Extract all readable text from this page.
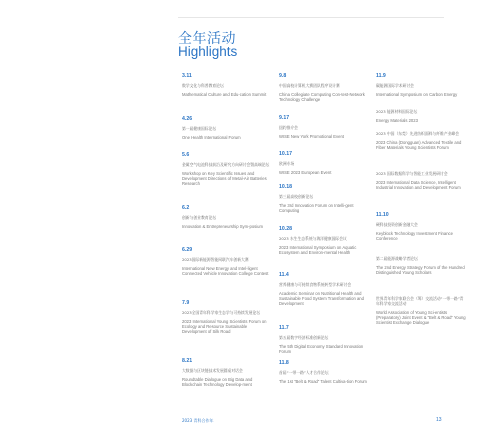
全年活动
Highlights
3.11
数学文化与科普教育论坛
Mathematical Culture and Edu-cation Summit
4.26
第一届健康国际论坛
One Health International Forum
5.6
金属空气电池科技前沿及研究方向研讨会暨高端论坛
Workshop on Key Scientific Issues and Development Directions of Metal-Air Batteries Research
6.2
创新与创业教育论坛
Innovation & Entrepreneurship Sym-posium
6.29
2023国际新能源智能网联汽车创新大赛
International New Energy and Intel-ligent Connected Vehicle Innovation College Contest
7.9
2023全国青年科学家生态学与可持续发展论坛
2023 International Young Scientists Forum on Ecology and Resource Sustainable Development of Silk Road
8.21
大数据与区块链技术发展圆桌对话会
Roundtable Dialogue on Big Data and Blockchain Technology Develop-ment
9.8
中国高校计算机大赛团队程序设计赛
China Collegiate Computing Con-test-Network Technology Challenge
9.17
纽约推介会
WISE New York Promotional Event
10.17
欧洲专场
WISE 2023 European Event
10.18
第三届高校创新论坛
The 3rd Innovation Forum on Intelli-gent Computing
10.28
2023 水生生态系统与海洋健康国际会议
2023 International Symposium on Aquatic Ecosystem and Environ-mental Health
11.4
营养健康与可持续食物系统转型学术研讨会
Academic Seminar on Nutritional Health and Sustainable Food System Transformation and Development
11.7
第五届数字经济标准创新论坛
The 5th Digital Economy Standard Innovation Forum
11.8
首届“一带一路”人才合作论坛
The 1st “Belt & Road” Talent Cultiva-tion Forum
11.9
碳能源国际学术研讨会
International Symposium on Carbon Energy
2023 能源材料国际论坛
Energy Materials 2023
2023 中国（东莞）先进纺织面料与纤维产业峰会
2023 China (Dongguan) Advanced Textile and Fiber Materials Young Scientists Forum
2023 国际数据科学与智能工业发展研讨会
2023 International Data Science, Intelligent Industrial Innovation and Development Forum
11.10
硬科技投资创新金融大会
Keyblock Technology Investment Finance Conference
第二届能源战略学者论坛
The 2nd Energy Strategy Forum of the Hundred Distinguished Young Scholars
世界青年科学家联合会（筹）交流活动“一带一路”青年科学家交流活动
World Association of Young Sci-entists (Preparatory) Joint Event & “Belt & Road” Young Scientist Exchange Dialogue
2023 青科合作年	13
